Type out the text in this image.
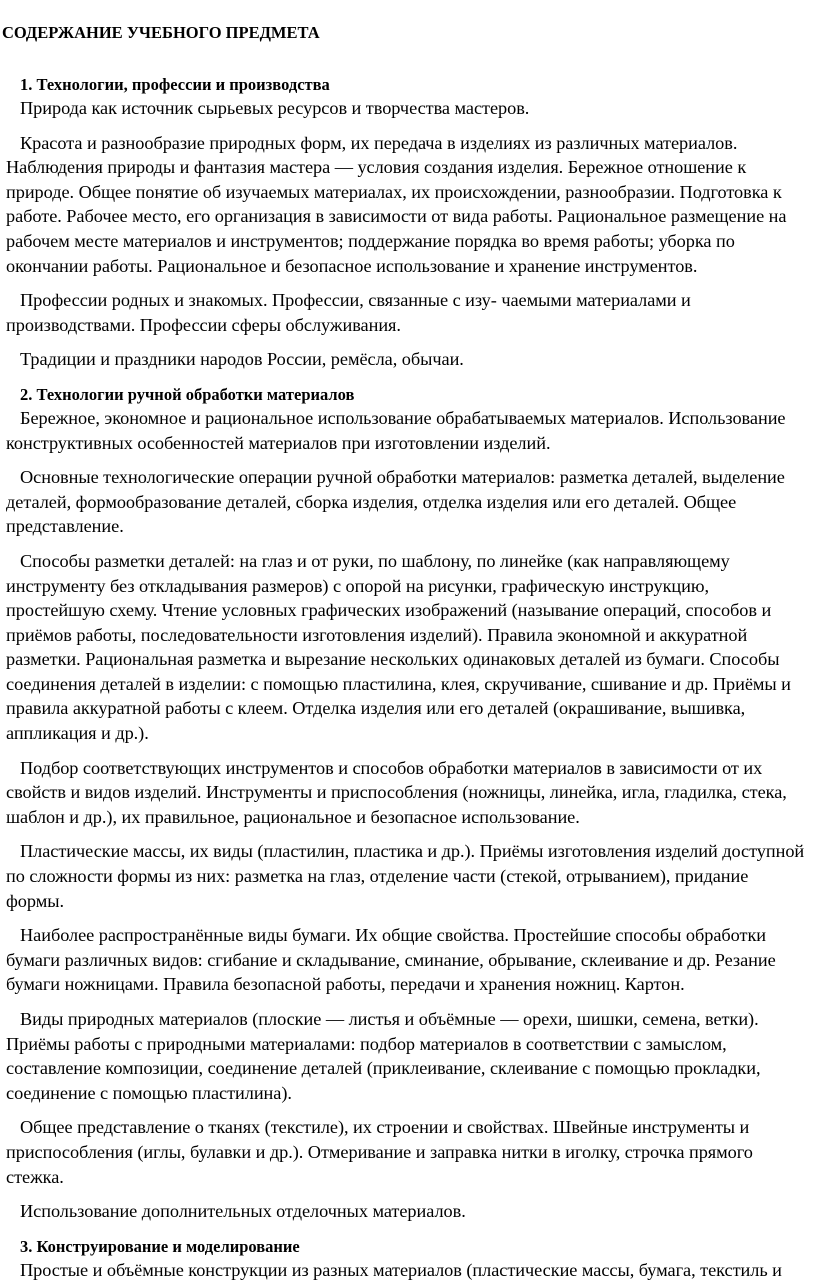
СОДЕРЖАНИЕ УЧЕБНОГО ПРЕДМЕТА
1. Технологии, профессии и производства

Природа как источник сырьевых ресурсов и творчества мастеров.

Красота и разнообразие природных форм, их передача в изделиях из различных материалов. Наблюдения природы и фантазия мастера — условия создания изделия. Бережное отношение к природе. Общее понятие об изучаемых материалах, их происхождении, разнообразии. Подготовка к работе. Рабочее место, его организация в зависимости от вида работы. Рациональное размещение на рабочем месте материалов и инструментов; поддержание порядка во время работы; уборка по окончании работы. Рациональное и безопасное использование и хранение инструментов.

Профессии родных и знакомых. Профессии, связанные с изу- чаемыми материалами и производствами. Профессии сферы обслуживания.

Традиции и праздники народов России, ремёсла, обычаи.

2. Технологии ручной обработки материалов

Бережное, экономное и рациональное использование обрабатываемых материалов. Использование конструктивных особенностей материалов при изготовлении изделий.

Основные технологические операции ручной обработки материалов: разметка деталей, выделение деталей, формообразование деталей, сборка изделия, отделка изделия или его деталей. Общее представление.

Способы разметки деталей: на глаз и от руки, по шаблону, по линейке (как направляющему инструменту без откладывания размеров) с опорой на рисунки, графическую инструкцию, простейшую схему. Чтение условных графических изображений (называние операций, способов и приёмов работы, последовательности изготовления изделий). Правила экономной и аккуратной разметки. Рациональная разметка и вырезание нескольких одинаковых деталей из бумаги. Способы соединения деталей в изделии: с помощью пластилина, клея, скручивание, сшивание и др. Приёмы и правила аккуратной работы с клеем. Отделка изделия или его деталей (окрашивание, вышивка, аппликация и др.).

Подбор соответствующих инструментов и способов обработки материалов в зависимости от их свойств и видов изделий. Инструменты и приспособления (ножницы, линейка, игла, гладилка, стека, шаблон и др.), их правильное, рациональное и безопасное использование.

Пластические массы, их виды (пластилин, пластика и др.). Приёмы изготовления изделий доступной по сложности формы из них: разметка на глаз, отделение части (стекой, отрыванием), придание формы.

Наиболее распространённые виды бумаги. Их общие свойства. Простейшие способы обработки бумаги различных видов: сгибание и складывание, сминание, обрывание, склеивание и др. Резание бумаги ножницами. Правила безопасной работы, передачи и хранения ножниц. Картон.

Виды природных материалов (плоские — листья и объёмные — орехи, шишки, семена, ветки). Приёмы работы с природными материалами: подбор материалов в соответствии с замыслом, составление композиции, соединение деталей (приклеивание, склеивание с помощью прокладки, соединение с помощью пластилина).

Общее представление о тканях (текстиле), их строении и свойствах. Швейные инструменты и приспособления (иглы, булавки и др.). Отмеривание и заправка нитки в иголку, строчка прямого стежка.

Использование дополнительных отделочных материалов.

3. Конструирование и моделирование

Простые и объёмные конструкции из разных материалов (пластические массы, бумага, текстиль и
